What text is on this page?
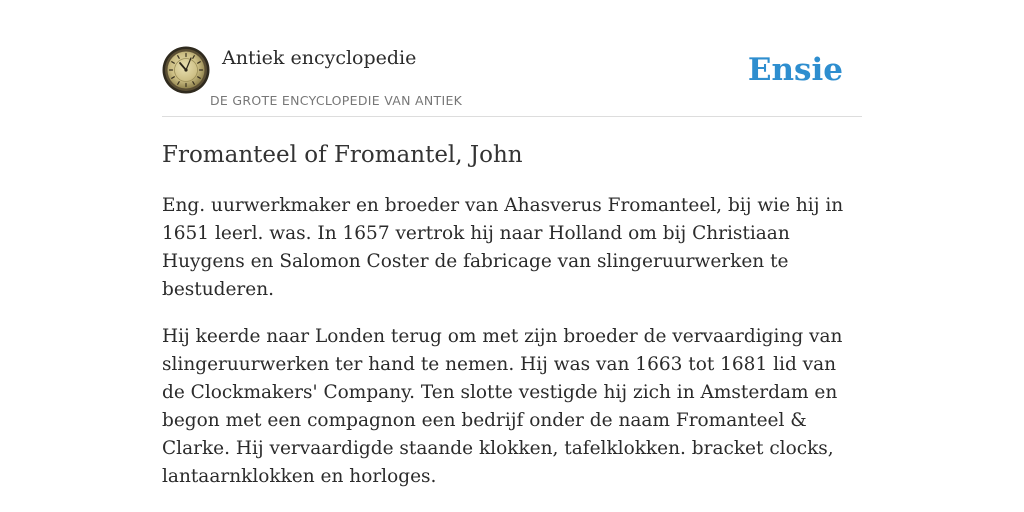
Antiek encyclopedie
DE GROTE ENCYCLOPEDIE VAN ANTIEK
Ensie
Fromanteel of Fromantel, John

Eng. uurwerkmaker en broeder van Ahasverus Fromanteel, bij wie hij in 1651 leerl. was. In 1657 vertrok hij naar Holland om bij Christiaan Huygens en Salomon Coster de fabricage van slingeruurwerken te bestuderen.

Hij keerde naar Londen terug om met zijn broeder de vervaardiging van slingeruurwerken ter hand te nemen. Hij was van 1663 tot 1681 lid van de Clockmakers' Company. Ten slotte vestigde hij zich in Amsterdam en begon met een compagnon een bedrijf onder de naam Fromanteel & Clarke. Hij vervaardigde staande klokken, tafelklokken. bracket clocks, lantaarnklokken en horloges.
